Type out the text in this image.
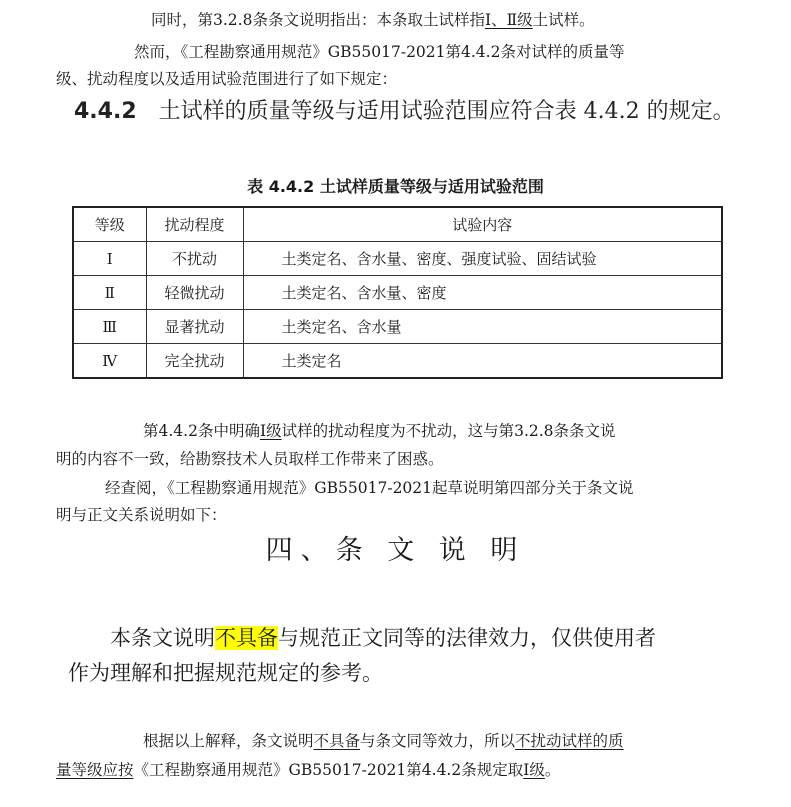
同时，第3.2.8条条文说明指出：本条取土试样指Ⅰ、Ⅱ级土试样。
然而，《工程勘察通用规范》GB55017-2021第4.4.2条对试样的质量等
级、扰动程度以及适用试验范围进行了如下规定：
4.4.2 土试样的质量等级与适用试验范围应符合表 4.4.2 的规定。
表 4.4.2 土试样质量等级与适用试验范围
等级	扰动程度	试验内容
Ⅰ	不扰动	土类定名、含水量、密度、强度试验、固结试验
Ⅱ	轻微扰动	土类定名、含水量、密度
Ⅲ	显著扰动	土类定名、含水量
Ⅳ	完全扰动	土类定名
第4.4.2条中明确Ⅰ级试样的扰动程度为不扰动，这与第3.2.8条条文说
明的内容不一致，给勘察技术人员取样工作带来了困惑。
经查阅，《工程勘察通用规范》GB55017-2021起草说明第四部分关于条文说
明与正文关系说明如下：
四、条 文 说 明
本条文说明不具备与规范正文同等的法律效力，仅供使用者
作为理解和把握规范规定的参考。
根据以上解释，条文说明不具备与条文同等效力，所以不扰动试样的质
量等级应按《工程勘察通用规范》GB55017-2021第4.4.2条规定取Ⅰ级。
